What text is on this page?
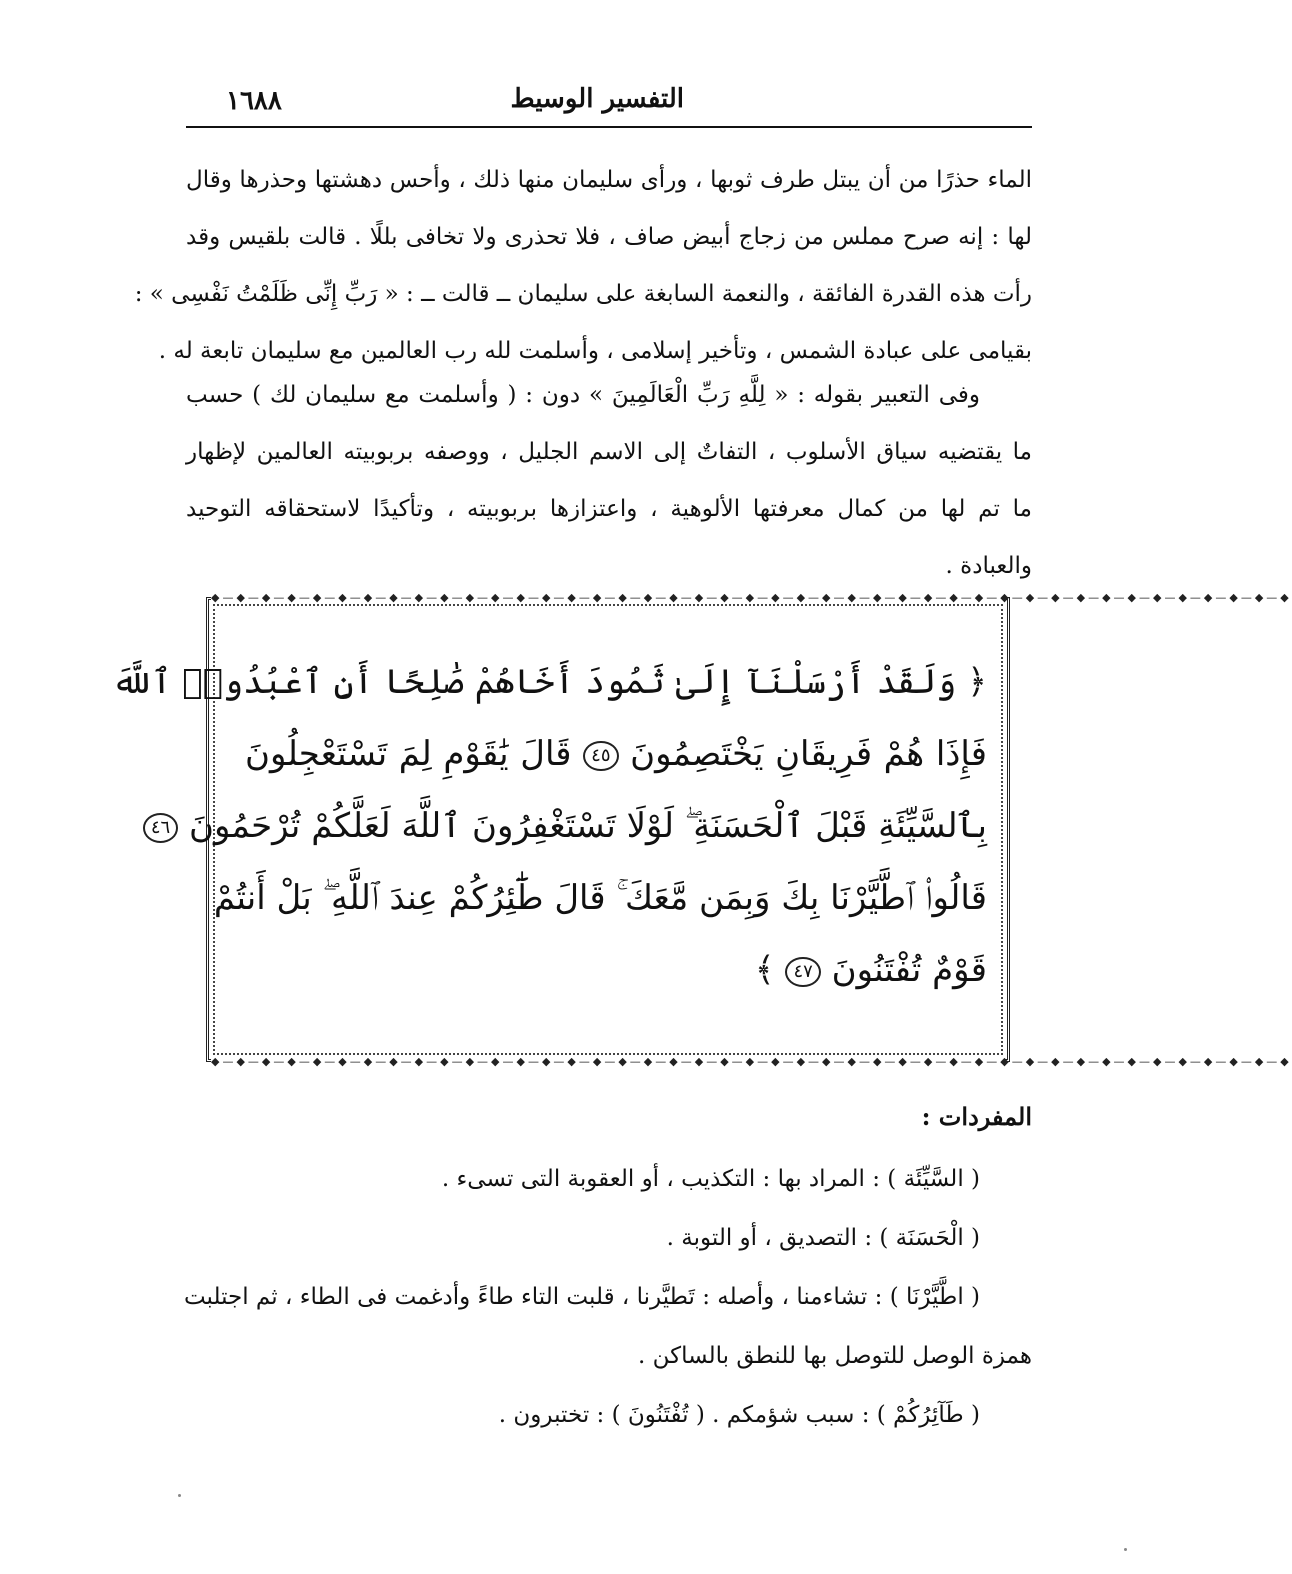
١٦٨٨	التفسير الوسيط
الماء حذرًا من أن يبتل طرف ثوبها ، ورأى سليمان منها ذلك ، وأحس دهشتها وحذرها وقال
لها : إنه صرح مملس من زجاج أبيض صاف ، فلا تحذرى ولا تخافى بللًا . قالت بلقيس وقد
رأت هذه القدرة الفائقة ، والنعمة السابغة على سليمان ــ قالت ــ : « رَبِّ إِنِّى ظَلَمْتُ نَفْسِى » :
بقيامى على عبادة الشمس ، وتأخير إسلامى ، وأسلمت لله رب العالمين مع سليمان تابعة له .
وفى التعبير بقوله : « لِلَّهِ رَبِّ الْعَالَمِينَ » دون : ( وأسلمت مع سليمان لك ) حسب
ما يقتضيه سياق الأسلوب ، التفاتٌ إلى الاسم الجليل ، ووصفه بربوبيته العالمين لإظهار
ما تم لها من كمال معرفتها الألوهية ، واعتزازها بربوبيته ، وتأكيدًا لاستحقاقه التوحيد
والعبادة .
◆—◆—◆—◆—◆—◆—◆—◆—◆—◆—◆—◆—◆—◆—◆—◆—◆—◆—◆—◆—◆—◆—◆—◆—◆—◆—◆—◆—◆—◆—◆—◆—◆—◆—◆—◆—◆—◆—◆—◆—◆—◆—◆
◆—◆—◆—◆—◆—◆—◆—◆—◆—◆—◆—◆—◆—◆—◆—◆—◆—◆—◆—◆—◆—◆—◆—◆—◆—◆—◆—◆—◆—◆—◆—◆—◆—◆—◆—◆—◆—◆—◆—◆—◆—◆—◆
﴿ وَلَقَدْ أَرْسَلْنَآ إِلَىٰ ثَمُودَ أَخَاهُمْ صَٰلِحًا أَنِ ٱعْبُدُوا۟ ٱللَّهَ
فَإِذَا هُمْ فَرِيقَانِ يَخْتَصِمُونَ ٤٥ قَالَ يَٰقَوْمِ لِمَ تَسْتَعْجِلُونَ
بِٱلسَّيِّئَةِ قَبْلَ ٱلْحَسَنَةِ ۖ لَوْلَا تَسْتَغْفِرُونَ ٱللَّهَ لَعَلَّكُمْ تُرْحَمُونَ ٤٦
قَالُوا۟ ٱطَّيَّرْنَا بِكَ وَبِمَن مَّعَكَ ۚ قَالَ طَٰٓئِرُكُمْ عِندَ ٱللَّهِ ۖ بَلْ أَنتُمْ
قَوْمٌ تُفْتَنُونَ ٤٧ ﴾
المفردات :
( السَّيِّئَة ) : المراد بها : التكذيب ، أو العقوبة التى تسىء .
( الْحَسَنَة ) : التصديق ، أو التوبة .
( اطَّيَّرْنَا ) : تشاءمنا ، وأصله : تَطيَّرنا ، قلبت التاء طاءً وأدغمت فى الطاء ، ثم اجتلبت
همزة الوصل للتوصل بها للنطق بالساكن .
( طَآئِرُكُمْ ) : سبب شؤمكم . ( تُفْتَنُونَ ) : تختبرون .
